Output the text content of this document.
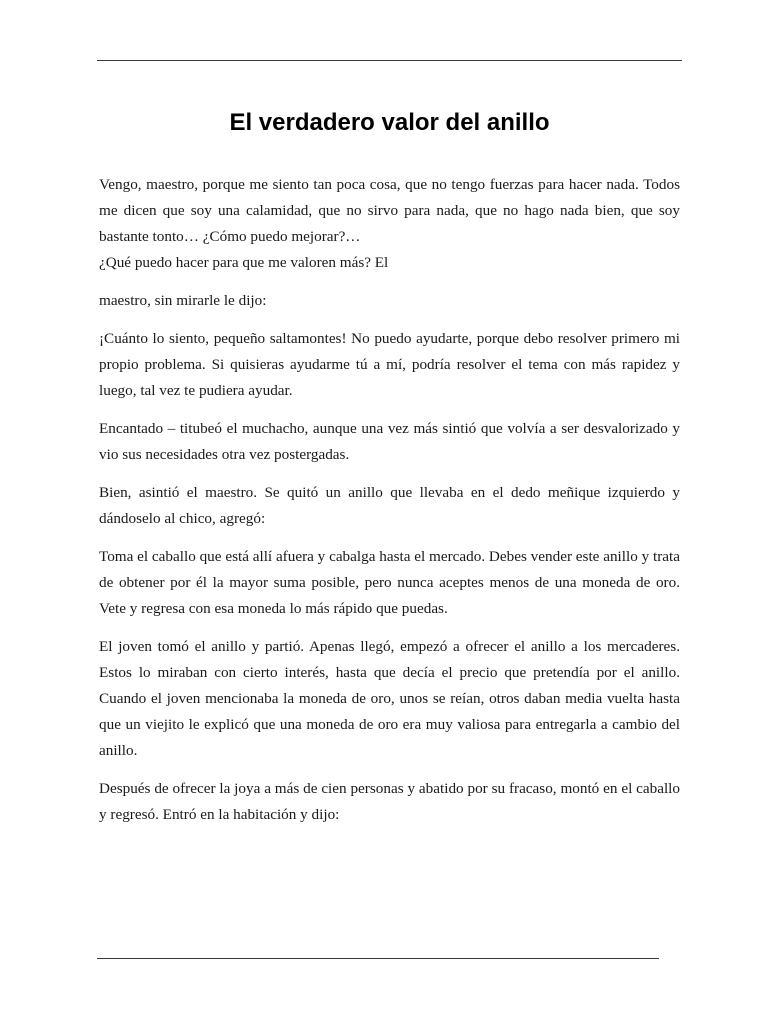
El verdadero valor del anillo

Vengo, maestro, porque me siento tan poca cosa, que no tengo fuerzas para hacer nada. Todos me dicen que soy una calamidad, que no sirvo para nada, que no hago nada bien, que soy bastante tonto… ¿Cómo puedo mejorar?…

¿Qué puedo hacer para que me valoren más? El

maestro, sin mirarle le dijo:

¡Cuánto lo siento, pequeño saltamontes! No puedo ayudarte, porque debo resolver primero mi propio problema. Si quisieras ayudarme tú a mí, podría resolver el tema con más rapidez y luego, tal vez te pudiera ayudar.

Encantado – titubeó el muchacho, aunque una vez más sintió que volvía a ser desvalorizado y vio sus necesidades otra vez postergadas.

Bien, asintió el maestro. Se quitó un anillo que llevaba en el dedo meñique izquierdo y dándoselo al chico, agregó:

Toma el caballo que está allí afuera y cabalga hasta el mercado. Debes vender este anillo y trata de obtener por él la mayor suma posible, pero nunca aceptes menos de una moneda de oro. Vete y regresa con esa moneda lo más rápido que puedas.

El joven tomó el anillo y partió. Apenas llegó, empezó a ofrecer el anillo a los mercaderes. Estos lo miraban con cierto interés, hasta que decía el precio que pretendía por el anillo. Cuando el joven mencionaba la moneda de oro, unos se reían, otros daban media vuelta hasta que un viejito le explicó que una moneda de oro era muy valiosa para entregarla a cambio del anillo.

Después de ofrecer la joya a más de cien personas y abatido por su fracaso, montó en el caballo y regresó. Entró en la habitación y dijo:
